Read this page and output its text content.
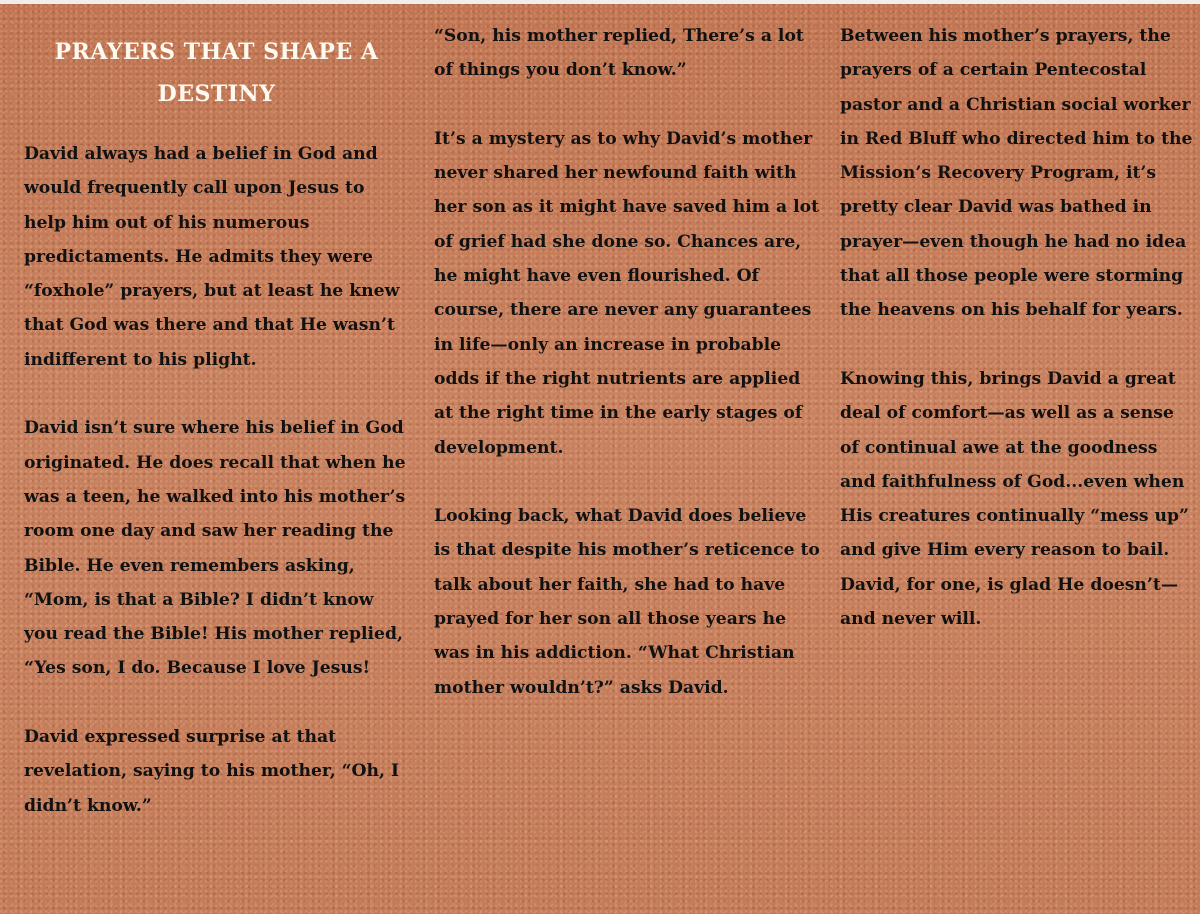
PRAYERS THAT SHAPE A DESTINY

David always had a belief in God and would frequently call upon Jesus to help him out of his numerous predictaments. He admits they were “foxhole” prayers, but at least he knew that God was there and that He wasn’t indifferent to his plight.

David isn’t sure where his belief in God originated. He does recall that when he was a teen, he walked into his mother’s room one day and saw her reading the Bible. He even remembers asking, “Mom, is that a Bible? I didn’t know you read the Bible! His mother replied, “Yes son, I do. Because I love Jesus!

David expressed surprise at that revelation, saying to his mother, “Oh, I didn’t know.”

“Son, his mother replied, There’s a lot of things you don’t know.”

It’s a mystery as to why David’s mother never shared her newfound faith with her son as it might have saved him a lot of grief had she done so. Chances are, he might have even flourished. Of course, there are never any guarantees in life—only an increase in probable odds if the right nutrients are applied at the right time in the early stages of development.

Looking back, what David does believe is that despite his mother’s reticence to talk about her faith, she had to have prayed for her son all those years he was in his addiction. “What Christian mother wouldn’t?” asks David.

Between his mother’s prayers, the prayers of a certain Pentecostal pastor and a Christian social worker in Red Bluff who directed him to the Mission’s Recovery Program, it’s pretty clear David was bathed in prayer—even though he had no idea that all those people were storming the heavens on his behalf for years.

Knowing this, brings David a great deal of comfort—as well as a sense of continual awe at the goodness and faithfulness of God...even when His creatures continually “mess up” and give Him every reason to bail. David, for one, is glad He doesn’t—and never will.
